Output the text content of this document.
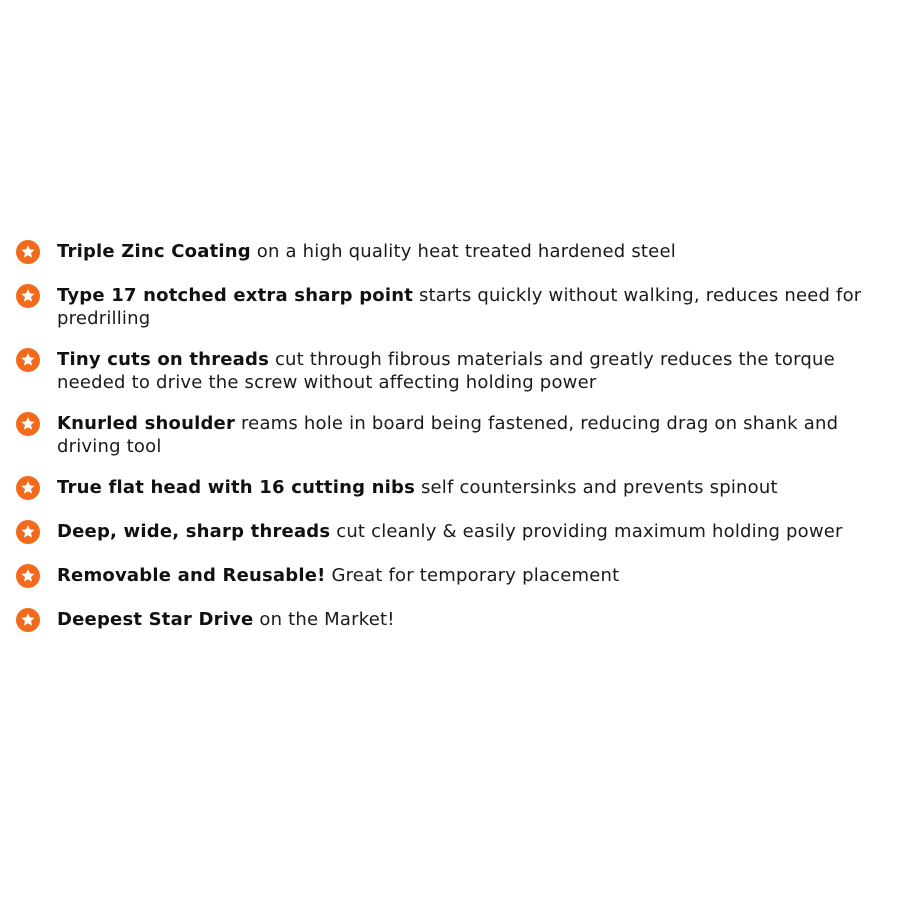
Triple Zinc Coating on a high quality heat treated hardened steel
Type 17 notched extra sharp point starts quickly without walking, reduces need for predrilling
Tiny cuts on threads cut through fibrous materials and greatly reduces the torque needed to drive the screw without affecting holding power
Knurled shoulder reams hole in board being fastened, reducing drag on shank and driving tool
True flat head with 16 cutting nibs self countersinks and prevents spinout
Deep, wide, sharp threads cut cleanly & easily providing maximum holding power
Removable and Reusable! Great for temporary placement
Deepest Star Drive on the Market!
